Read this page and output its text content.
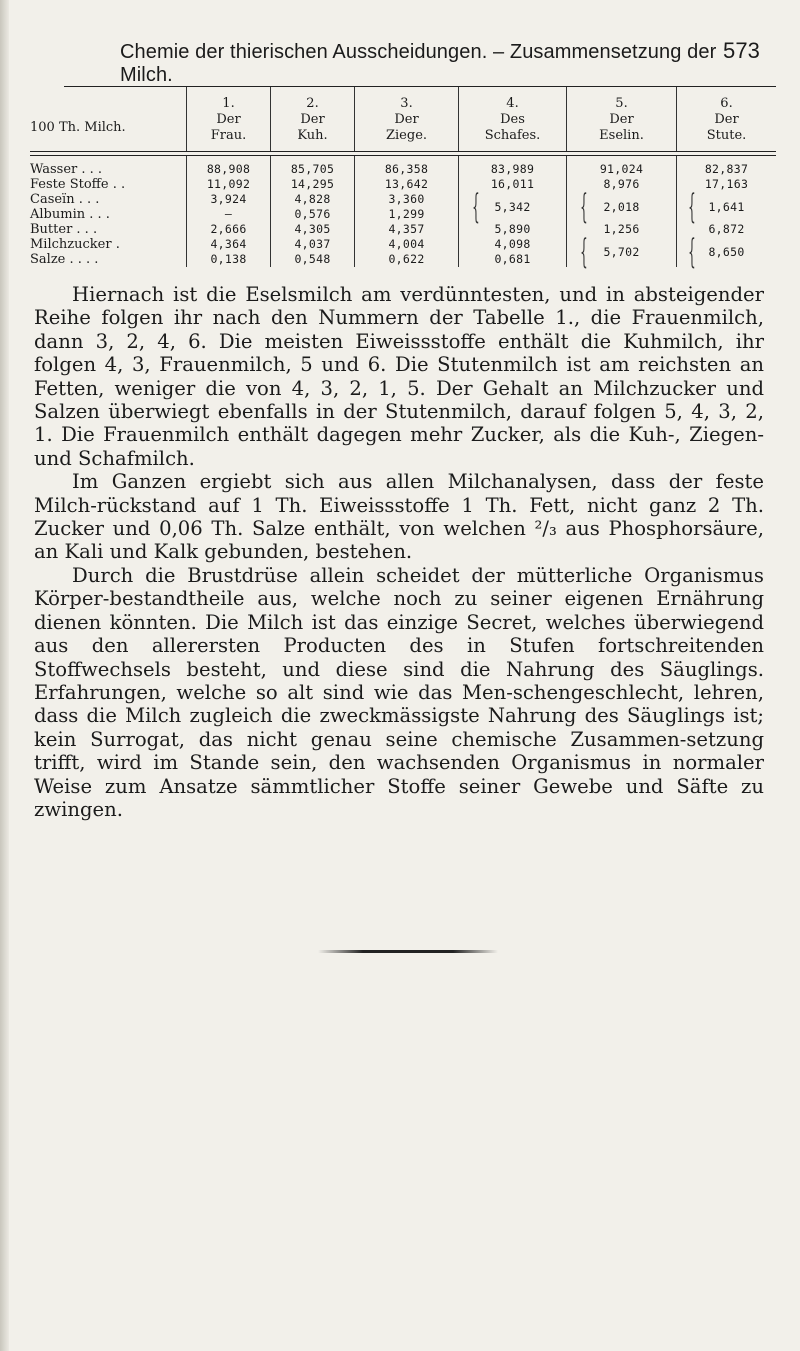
Chemie der thierischen Ausscheidungen. – Zusammensetzung der Milch.
573
100 Th. Milch.
1.
Der
Frau.
2.
Der
Kuh.
3.
Der
Ziege.
4.
Des
Schafes.
5.
Der
Eselin.
6.
Der
Stute.
Wasser . . .
Feste Stoffe . .
Caseïn . . .
Albumin . . .
Butter . . .
Milchzucker .
Salze . . . .
88,908
11,092
3,924
—
2,666
4,364
0,138
85,705
14,295
4,828
0,576
4,305
4,037
0,548
86,358
13,642
3,360
1,299
4,357
4,004
0,622
83,989
16,011
5,342
5,890
4,098
0,681
{
91,024
8,976
2,018
1,256
5,702
{
{
82,837
17,163
1,641
6,872
8,650
{
{

Hiernach ist die Eselsmilch am verdünntesten, und in absteigender Reihe folgen ihr nach den Nummern der Tabelle 1., die Frauenmilch, dann 3, 2, 4, 6. Die meisten Eiweissstoffe enthält die Kuhmilch, ihr folgen 4, 3, Frauenmilch, 5 und 6. Die Stutenmilch ist am reichsten an Fetten, weniger die von 4, 3, 2, 1, 5. Der Gehalt an Milchzucker und Salzen überwiegt ebenfalls in der Stutenmilch, darauf folgen 5, 4, 3, 2, 1. Die Frauenmilch enthält dagegen mehr Zucker, als die Kuh-, Ziegen- und Schafmilch.

Im Ganzen ergiebt sich aus allen Milchanalysen, dass der feste Milch-rückstand auf 1 Th. Eiweissstoffe 1 Th. Fett, nicht ganz 2 Th. Zucker und 0,06 Th. Salze enthält, von welchen ²/₃ aus Phosphorsäure, an Kali und Kalk gebunden, bestehen.

Durch die Brustdrüse allein scheidet der mütterliche Organismus Körper-bestandtheile aus, welche noch zu seiner eigenen Ernährung dienen könnten. Die Milch ist das einzige Secret, welches überwiegend aus den allerersten Producten des in Stufen fortschreitenden Stoffwechsels besteht, und diese sind die Nahrung des Säuglings. Erfahrungen, welche so alt sind wie das Men-schengeschlecht, lehren, dass die Milch zugleich die zweckmässigste Nahrung des Säuglings ist; kein Surrogat, das nicht genau seine chemische Zusammen-setzung trifft, wird im Stande sein, den wachsenden Organismus in normaler Weise zum Ansatze sämmtlicher Stoffe seiner Gewebe und Säfte zu zwingen.
